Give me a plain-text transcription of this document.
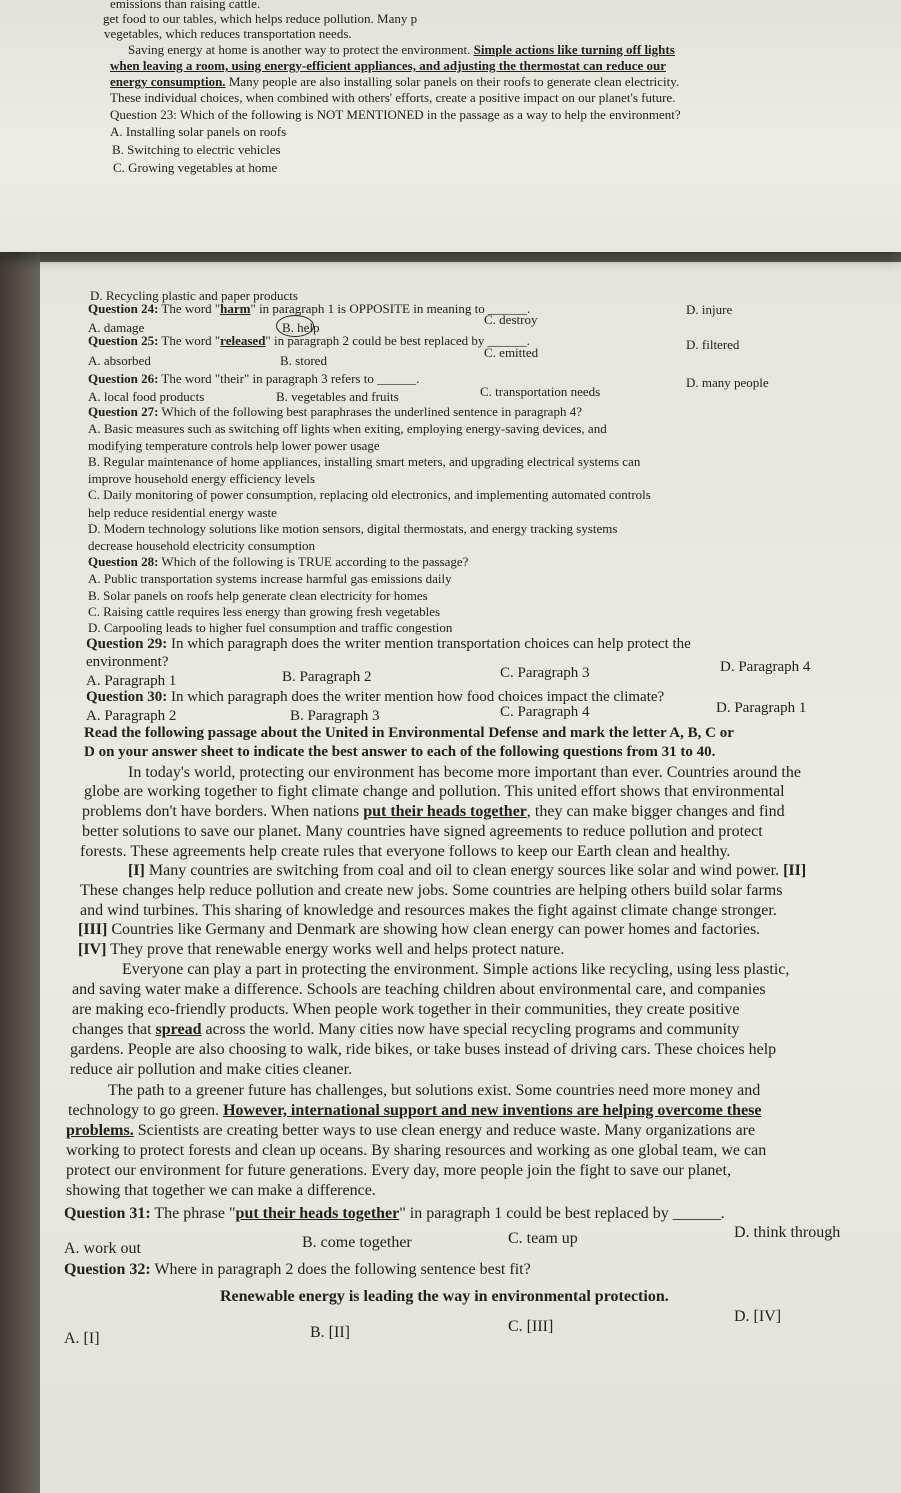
emissions than raising cattle.

get food to our tables, which helps reduce pollution. Many p

vegetables, which reduces transportation needs.

Saving energy at home is another way to protect the environment. Simple actions like turning off lights

when leaving a room, using energy-efficient appliances, and adjusting the thermostat can reduce our

energy consumption. Many people are also installing solar panels on their roofs to generate clean electricity.

These individual choices, when combined with others' efforts, create a positive impact on our planet's future.

Question 23: Which of the following is NOT MENTIONED in the passage as a way to help the environment?

A. Installing solar panels on roofs

B. Switching to electric vehicles

C. Growing vegetables at home

D. Recycling plastic and paper products

Question 24: The word "harm" in paragraph 1 is OPPOSITE in meaning to ______.

A. damage	B. help
C. destroy
D. injure

Question 25: The word "released" in paragraph 2 could be best replaced by ______.

A. absorbed	B. stored
C. emitted
D. filtered

Question 26: The word "their" in paragraph 3 refers to ______.

A. local food products	B. vegetables and fruits	C. transportation needs
D. many people

Question 27: Which of the following best paraphrases the underlined sentence in paragraph 4?

A. Basic measures such as switching off lights when exiting, employing energy-saving devices, and

modifying temperature controls help lower power usage

B. Regular maintenance of home appliances, installing smart meters, and upgrading electrical systems can

improve household energy efficiency levels

C. Daily monitoring of power consumption, replacing old electronics, and implementing automated controls

help reduce residential energy waste

D. Modern technology solutions like motion sensors, digital thermostats, and energy tracking systems

decrease household electricity consumption

Question 28: Which of the following is TRUE according to the passage?

A. Public transportation systems increase harmful gas emissions daily

B. Solar panels on roofs help generate clean electricity for homes

C. Raising cattle requires less energy than growing fresh vegetables

D. Carpooling leads to higher fuel consumption and traffic congestion

Question 29: In which paragraph does the writer mention transportation choices can help protect the

environment?

A. Paragraph 1	B. Paragraph 2	C. Paragraph 3	D. Paragraph 4

Question 30: In which paragraph does the writer mention how food choices impact the climate?

A. Paragraph 2	B. Paragraph 3	C. Paragraph 4	D. Paragraph 1

Read the following passage about the United in Environmental Defense and mark the letter A, B, C or

D on your answer sheet to indicate the best answer to each of the following questions from 31 to 40.

In today's world, protecting our environment has become more important than ever. Countries around the

globe are working together to fight climate change and pollution. This united effort shows that environmental

problems don't have borders. When nations put their heads together, they can make bigger changes and find

better solutions to save our planet. Many countries have signed agreements to reduce pollution and protect

forests. These agreements help create rules that everyone follows to keep our Earth clean and healthy.

[I] Many countries are switching from coal and oil to clean energy sources like solar and wind power. [II]

These changes help reduce pollution and create new jobs. Some countries are helping others build solar farms

and wind turbines. This sharing of knowledge and resources makes the fight against climate change stronger.

[III] Countries like Germany and Denmark are showing how clean energy can power homes and factories.

[IV] They prove that renewable energy works well and helps protect nature.

Everyone can play a part in protecting the environment. Simple actions like recycling, using less plastic,

and saving water make a difference. Schools are teaching children about environmental care, and companies

are making eco-friendly products. When people work together in their communities, they create positive

changes that spread across the world. Many cities now have special recycling programs and community

gardens. People are also choosing to walk, ride bikes, or take buses instead of driving cars. These choices help

reduce air pollution and make cities cleaner.

The path to a greener future has challenges, but solutions exist. Some countries need more money and

technology to go green. However, international support and new inventions are helping overcome these

problems. Scientists are creating better ways to use clean energy and reduce waste. Many organizations are

working to protect forests and clean up oceans. By sharing resources and working as one global team, we can

protect our environment for future generations. Every day, more people join the fight to save our planet,

showing that together we can make a difference.

Question 31: The phrase "put their heads together" in paragraph 1 could be best replaced by ______.

A. work out	B. come together	C. team up	D. think through

Question 32: Where in paragraph 2 does the following sentence best fit?

Renewable energy is leading the way in environmental protection.

A. [I]	B. [II]	C. [III]
D. [IV]
